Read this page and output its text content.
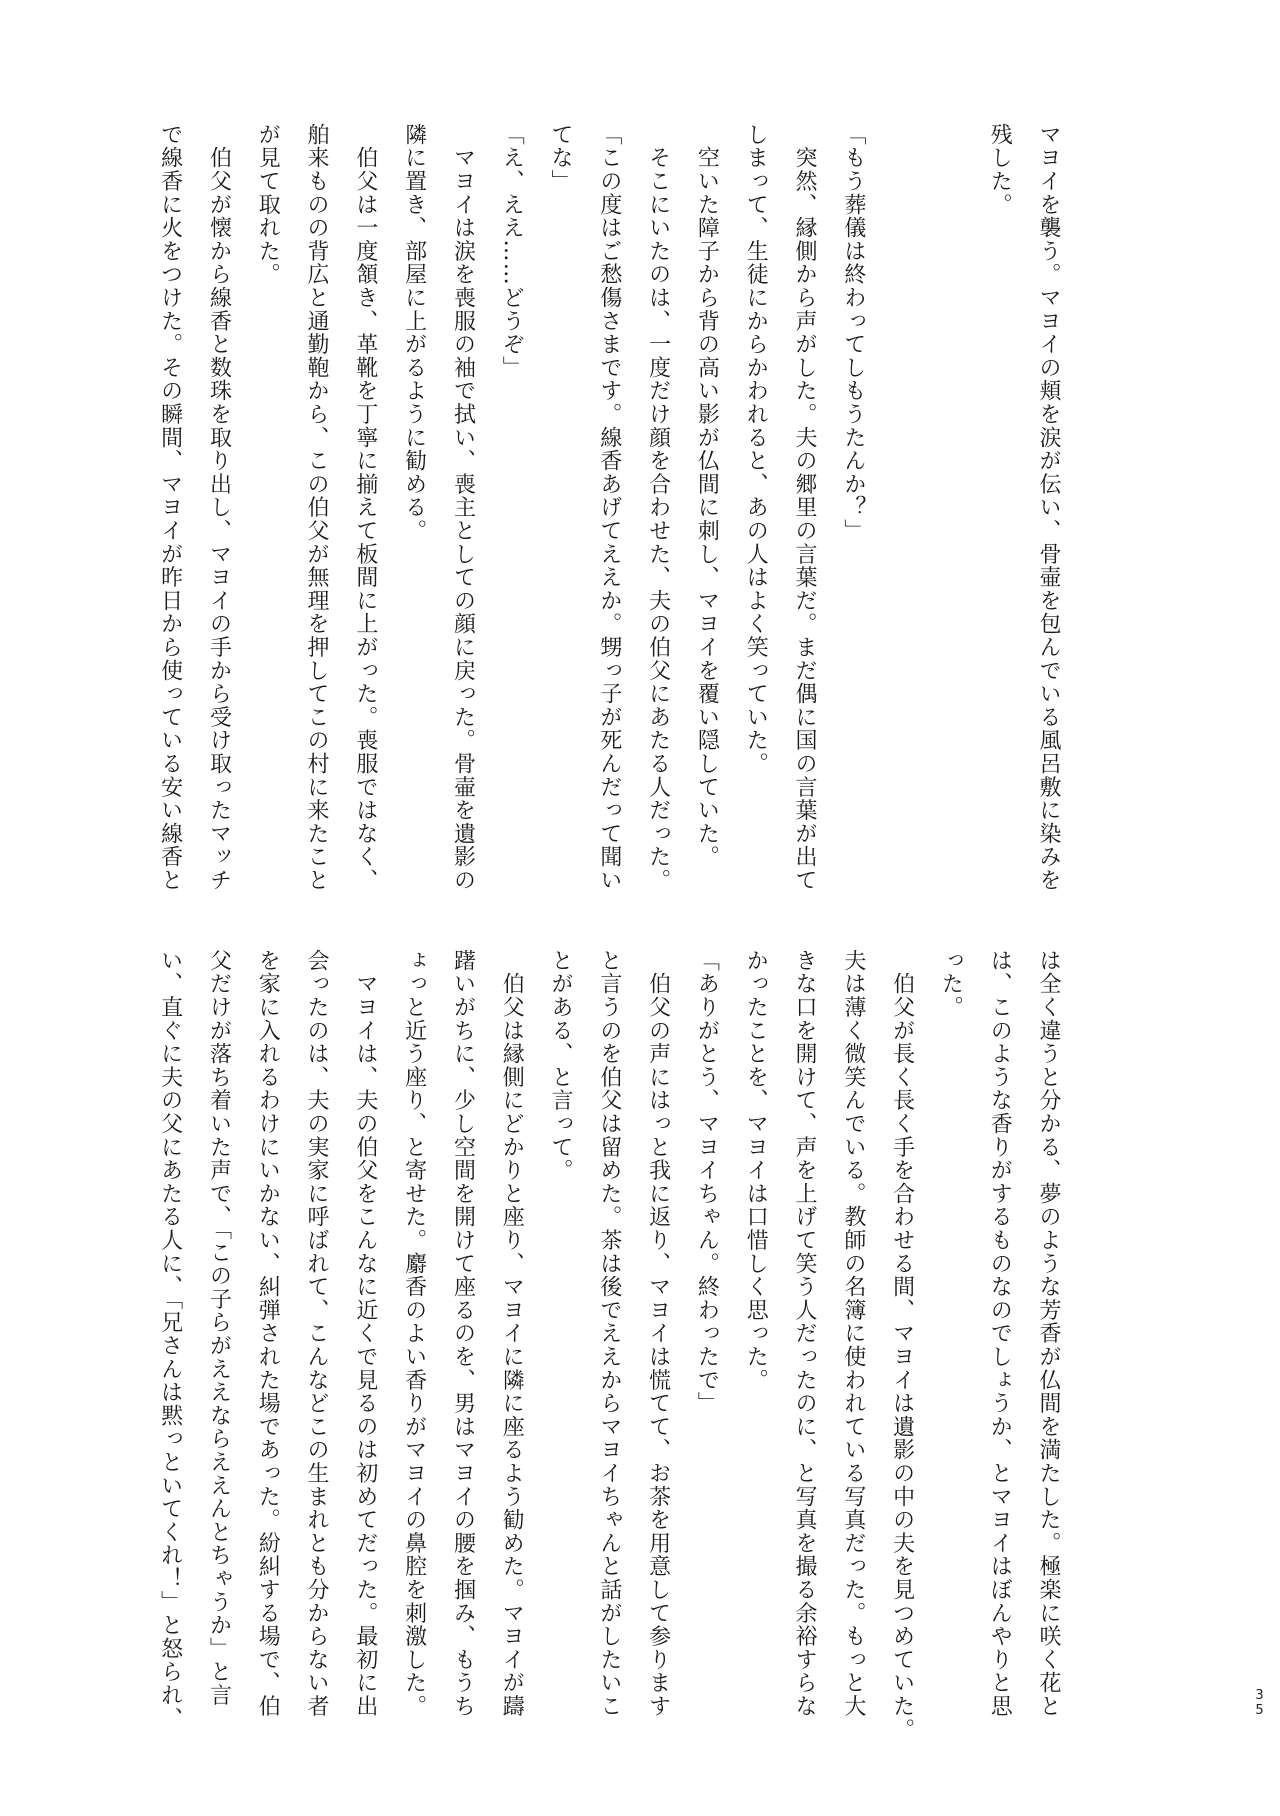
マヨイを襲う。マヨイの頬を涙が伝い、骨壷を包んでいる風呂敷に染みを
残した。
「もう葬儀は終わってしもうたんか？」
　突然、縁側から声がした。夫の郷里の言葉だ。まだ偶に国の言葉が出て
しまって、生徒にからかわれると、あの人はよく笑っていた。
　空いた障子から背の高い影が仏間に刺し、マヨイを覆い隠していた。
　そこにいたのは、一度だけ顔を合わせた、夫の伯父にあたる人だった。
「この度はご愁傷さまです。線香あげてええか。甥っ子が死んだって聞い
てな」
「え、ええ……どうぞ」
　マヨイは涙を喪服の袖で拭い、喪主としての顔に戻った。骨壷を遺影の
隣に置き、部屋に上がるように勧める。
　伯父は一度頷き、革靴を丁寧に揃えて板間に上がった。喪服ではなく、
舶来ものの背広と通勤鞄から、この伯父が無理を押してこの村に来たこと
が見て取れた。
　伯父が懐から線香と数珠を取り出し、マヨイの手から受け取ったマッチ
で線香に火をつけた。その瞬間、マヨイが昨日から使っている安い線香と
は全く違うと分かる、夢のような芳香が仏間を満たした。極楽に咲く花と
は、このような香りがするものなのでしょうか、とマヨイはぼんやりと思
った。
　伯父が長く長く手を合わせる間、マヨイは遺影の中の夫を見つめていた。
夫は薄く微笑んでいる。教師の名簿に使われている写真だった。もっと大
きな口を開けて、声を上げて笑う人だったのに、と写真を撮る余裕すらな
かったことを、マヨイは口惜しく思った。
「ありがとう、マヨイちゃん。終わったで」
　伯父の声にはっと我に返り、マヨイは慌てて、お茶を用意して参ります
と言うのを伯父は留めた。茶は後でええからマヨイちゃんと話がしたいこ
とがある、と言って。
　伯父は縁側にどかりと座り、マヨイに隣に座るよう勧めた。マヨイが躊
躇いがちに、少し空間を開けて座るのを、男はマヨイの腰を掴み、もうち
ょっと近う座り、と寄せた。麝香のよい香りがマヨイの鼻腔を刺激した。
　マヨイは、夫の伯父をこんなに近くで見るのは初めてだった。最初に出
会ったのは、夫の実家に呼ばれて、こんなどこの生まれとも分からない者
を家に入れるわけにいかない、糾弾された場であった。紛糾する場で、伯
父だけが落ち着いた声で、「この子らがええならええんとちゃうか」と言
い、直ぐに夫の父にあたる人に、「兄さんは黙っといてくれ！」と怒られ、	35
